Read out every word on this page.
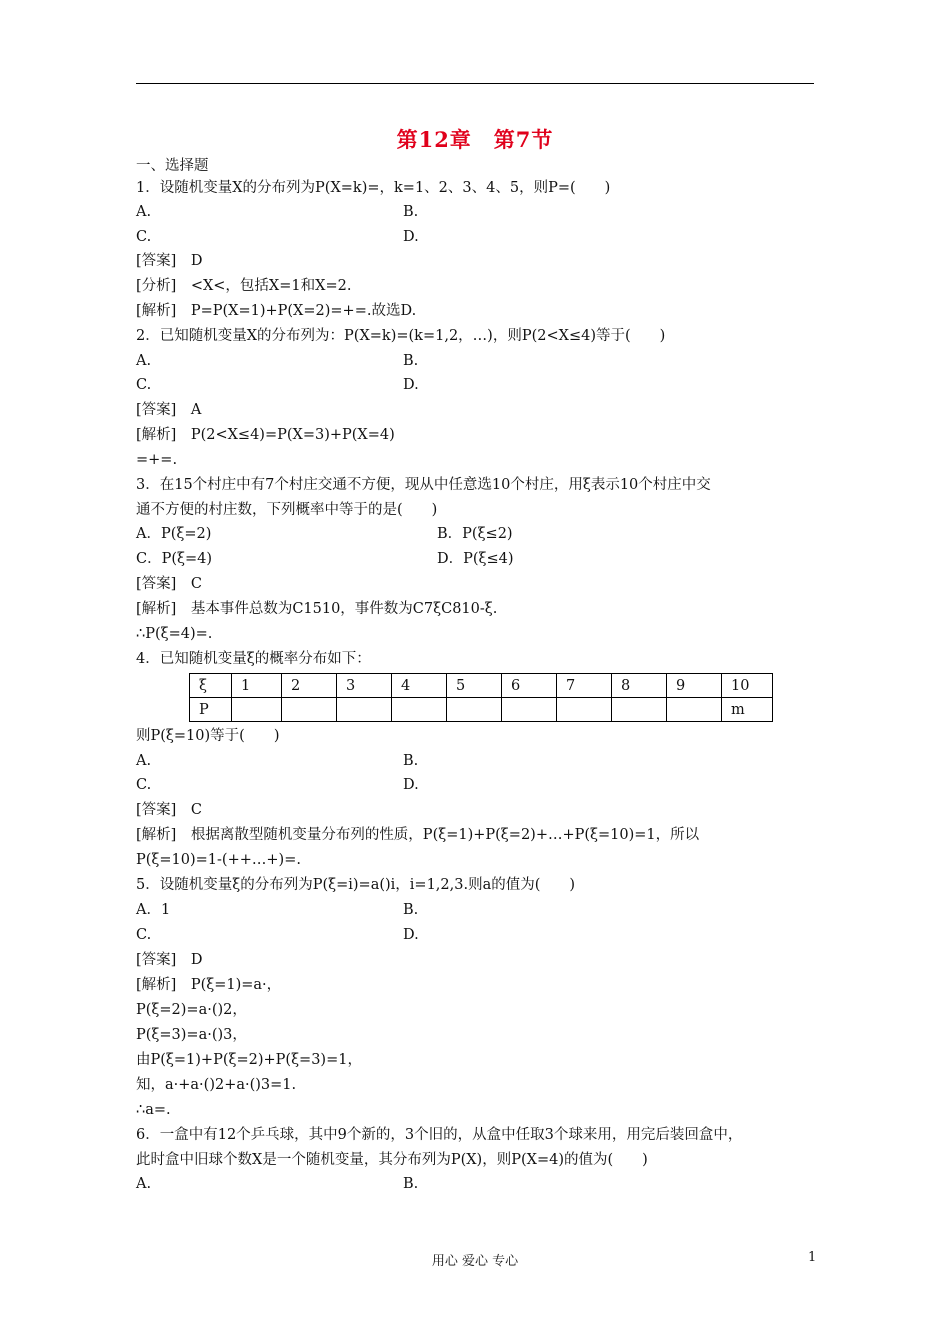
第12章　第7节
一、选择题
1．设随机变量X的分布列为P(X=k)=，k=1、2、3、4、5，则P=(　　)
A.	B.
C.	D.
[答案]　D
[分析]　<X<，包括X=1和X=2.
[解析]　P=P(X=1)+P(X=2)=+=.故选D.
2．已知随机变量X的分布列为：P(X=k)=(k=1,2，…)，则P(2<X≤4)等于(　　)
A.	B.
C.	D.
[答案]　A
[解析]　P(2<X≤4)=P(X=3)+P(X=4)
=+=.
3．在15个村庄中有7个村庄交通不方便，现从中任意选10个村庄，用ξ表示10个村庄中交
通不方便的村庄数，下列概率中等于的是(　　)
A．P(ξ=2)	B．P(ξ≤2)
C．P(ξ=4)	D．P(ξ≤4)
[答案]　C
[解析]　基本事件总数为C1510，事件数为C7ξC810-ξ.
∴P(ξ=4)=.
4．已知随机变量ξ的概率分布如下：
则P(ξ=10)等于(　　)
A.	B.
C.	D.
[答案]　C
[解析]　根据离散型随机变量分布列的性质，P(ξ=1)+P(ξ=2)+…+P(ξ=10)=1，所以
P(ξ=10)=1-(++…+)=.
5．设随机变量ξ的分布列为P(ξ=i)=a()i，i=1,2,3.则a的值为(　　)
A．1	B.
C.	D.
[答案]　D
[解析]　P(ξ=1)=a·，
P(ξ=2)=a·()2，
P(ξ=3)=a·()3，
由P(ξ=1)+P(ξ=2)+P(ξ=3)=1，
知，a·+a·()2+a·()3=1.
∴a=.
6．一盒中有12个乒乓球，其中9个新的，3个旧的，从盒中任取3个球来用，用完后装回盒中，
此时盒中旧球个数X是一个随机变量，其分布列为P(X)，则P(X=4)的值为(　　)
A.	B.
ξ	1	2	3	4	5	6	7	8	9	10
P										m
用心 爱心 专心	1
